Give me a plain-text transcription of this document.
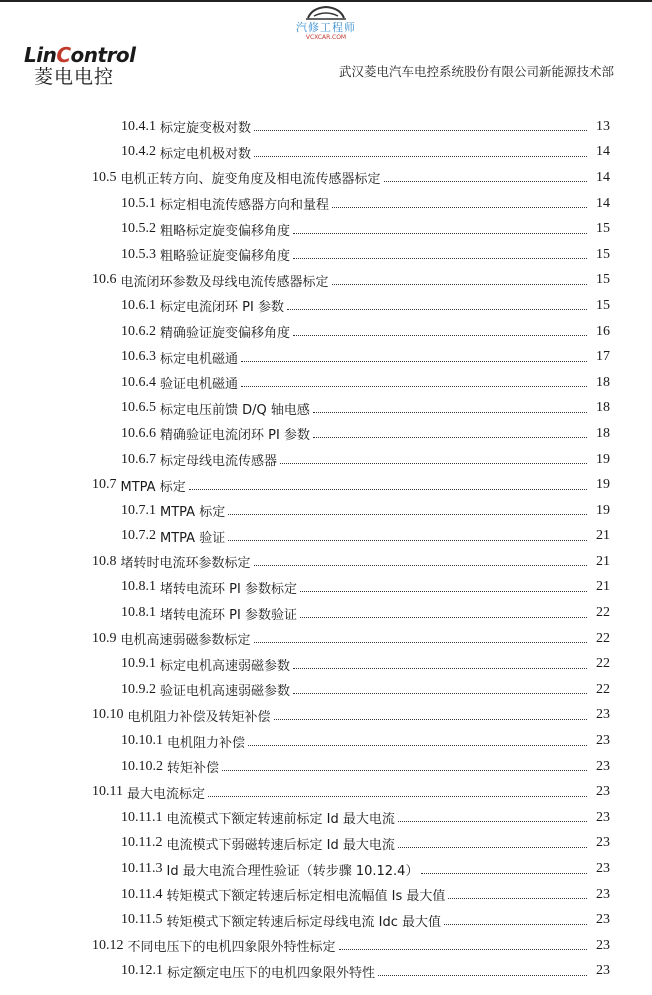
汽修工程师
VCXCAR.COM
LinControl
菱电电控	武汉菱电汽车电控系统股份有限公司新能源技术部
10.4.1 标定旋变极对数	13
10.4.2 标定电机极对数	14
10.5 电机正转方向、旋变角度及相电流传感器标定	14
10.5.1 标定相电流传感器方向和量程	14
10.5.2 粗略标定旋变偏移角度	15
10.5.3 粗略验证旋变偏移角度	15
10.6 电流闭环参数及母线电流传感器标定	15
10.6.1 标定电流闭环 PI 参数	15
10.6.2 精确验证旋变偏移角度	16
10.6.3 标定电机磁通	17
10.6.4 验证电机磁通	18
10.6.5 标定电压前馈 D/Q 轴电感	18
10.6.6 精确验证电流闭环 PI 参数	18
10.6.7 标定母线电流传感器	19
10.7 MTPA 标定	19
10.7.1 MTPA 标定	19
10.7.2 MTPA 验证	21
10.8 堵转时电流环参数标定	21
10.8.1 堵转电流环 PI 参数标定	21
10.8.1 堵转电流环 PI 参数验证	22
10.9 电机高速弱磁参数标定	22
10.9.1 标定电机高速弱磁参数	22
10.9.2 验证电机高速弱磁参数	22
10.10 电机阻力补偿及转矩补偿	23
10.10.1 电机阻力补偿	23
10.10.2 转矩补偿	23
10.11 最大电流标定	23
10.11.1 电流模式下额定转速前标定 Id 最大电流	23
10.11.2 电流模式下弱磁转速后标定 Id 最大电流	23
10.11.3 Id 最大电流合理性验证（转步骤 10.12.4）	23
10.11.4 转矩模式下额定转速后标定相电流幅值 Is 最大值	23
10.11.5 转矩模式下额定转速后标定母线电流 Idc 最大值	23
10.12 不同电压下的电机四象限外特性标定	23
10.12.1 标定额定电压下的电机四象限外特性	23
